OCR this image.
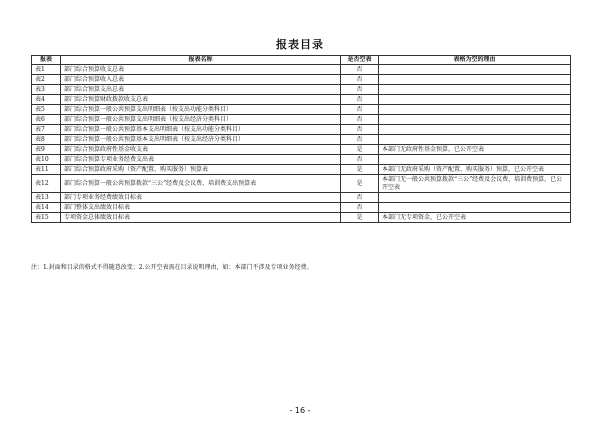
报表目录
报表	报表名称	是否空表	表格为空的理由
表1	部门综合预算收支总表	否	
表2	部门综合预算收入总表	否	
表3	部门综合预算支出总表	否	
表4	部门综合预算财政拨款收支总表	否	
表5	部门综合预算一般公共预算支出明细表（按支出功能分类科目）	否	
表6	部门综合预算一般公共预算支出明细表（按支出经济分类科目）	否	
表7	部门综合预算一般公共预算基本支出明细表（按支出功能分类科目）	否	
表8	部门综合预算一般公共预算基本支出明细表（按支出经济分类科目）	否	
表9	部门综合预算政府性基金收支表	是	本部门无政府性基金预算，已公开空表
表10	部门综合预算专项业务经费支出表	否	
表11	部门综合预算政府采购（资产配置、购买服务）预算表	是	本部门无政府采购（资产配置、购买服务）预算，已公开空表
表12	部门综合预算一般公共预算拨款“三公”经费及会议费、培训费支出预算表	是	本部门无一般公共预算拨款“三公”经费及会议费、培训费预算，已公开空表
表13	部门专项业务经费绩效目标表	否	
表14	部门整体支出绩效目标表	否	
表15	专项资金总体绩效目标表	是	本部门无专项资金，已公开空表
注：1.封面和目录的格式不得随意改变；2.公开空表需在目录说明理由，如：本部门不涉及专项业务经费。
- 16 -
